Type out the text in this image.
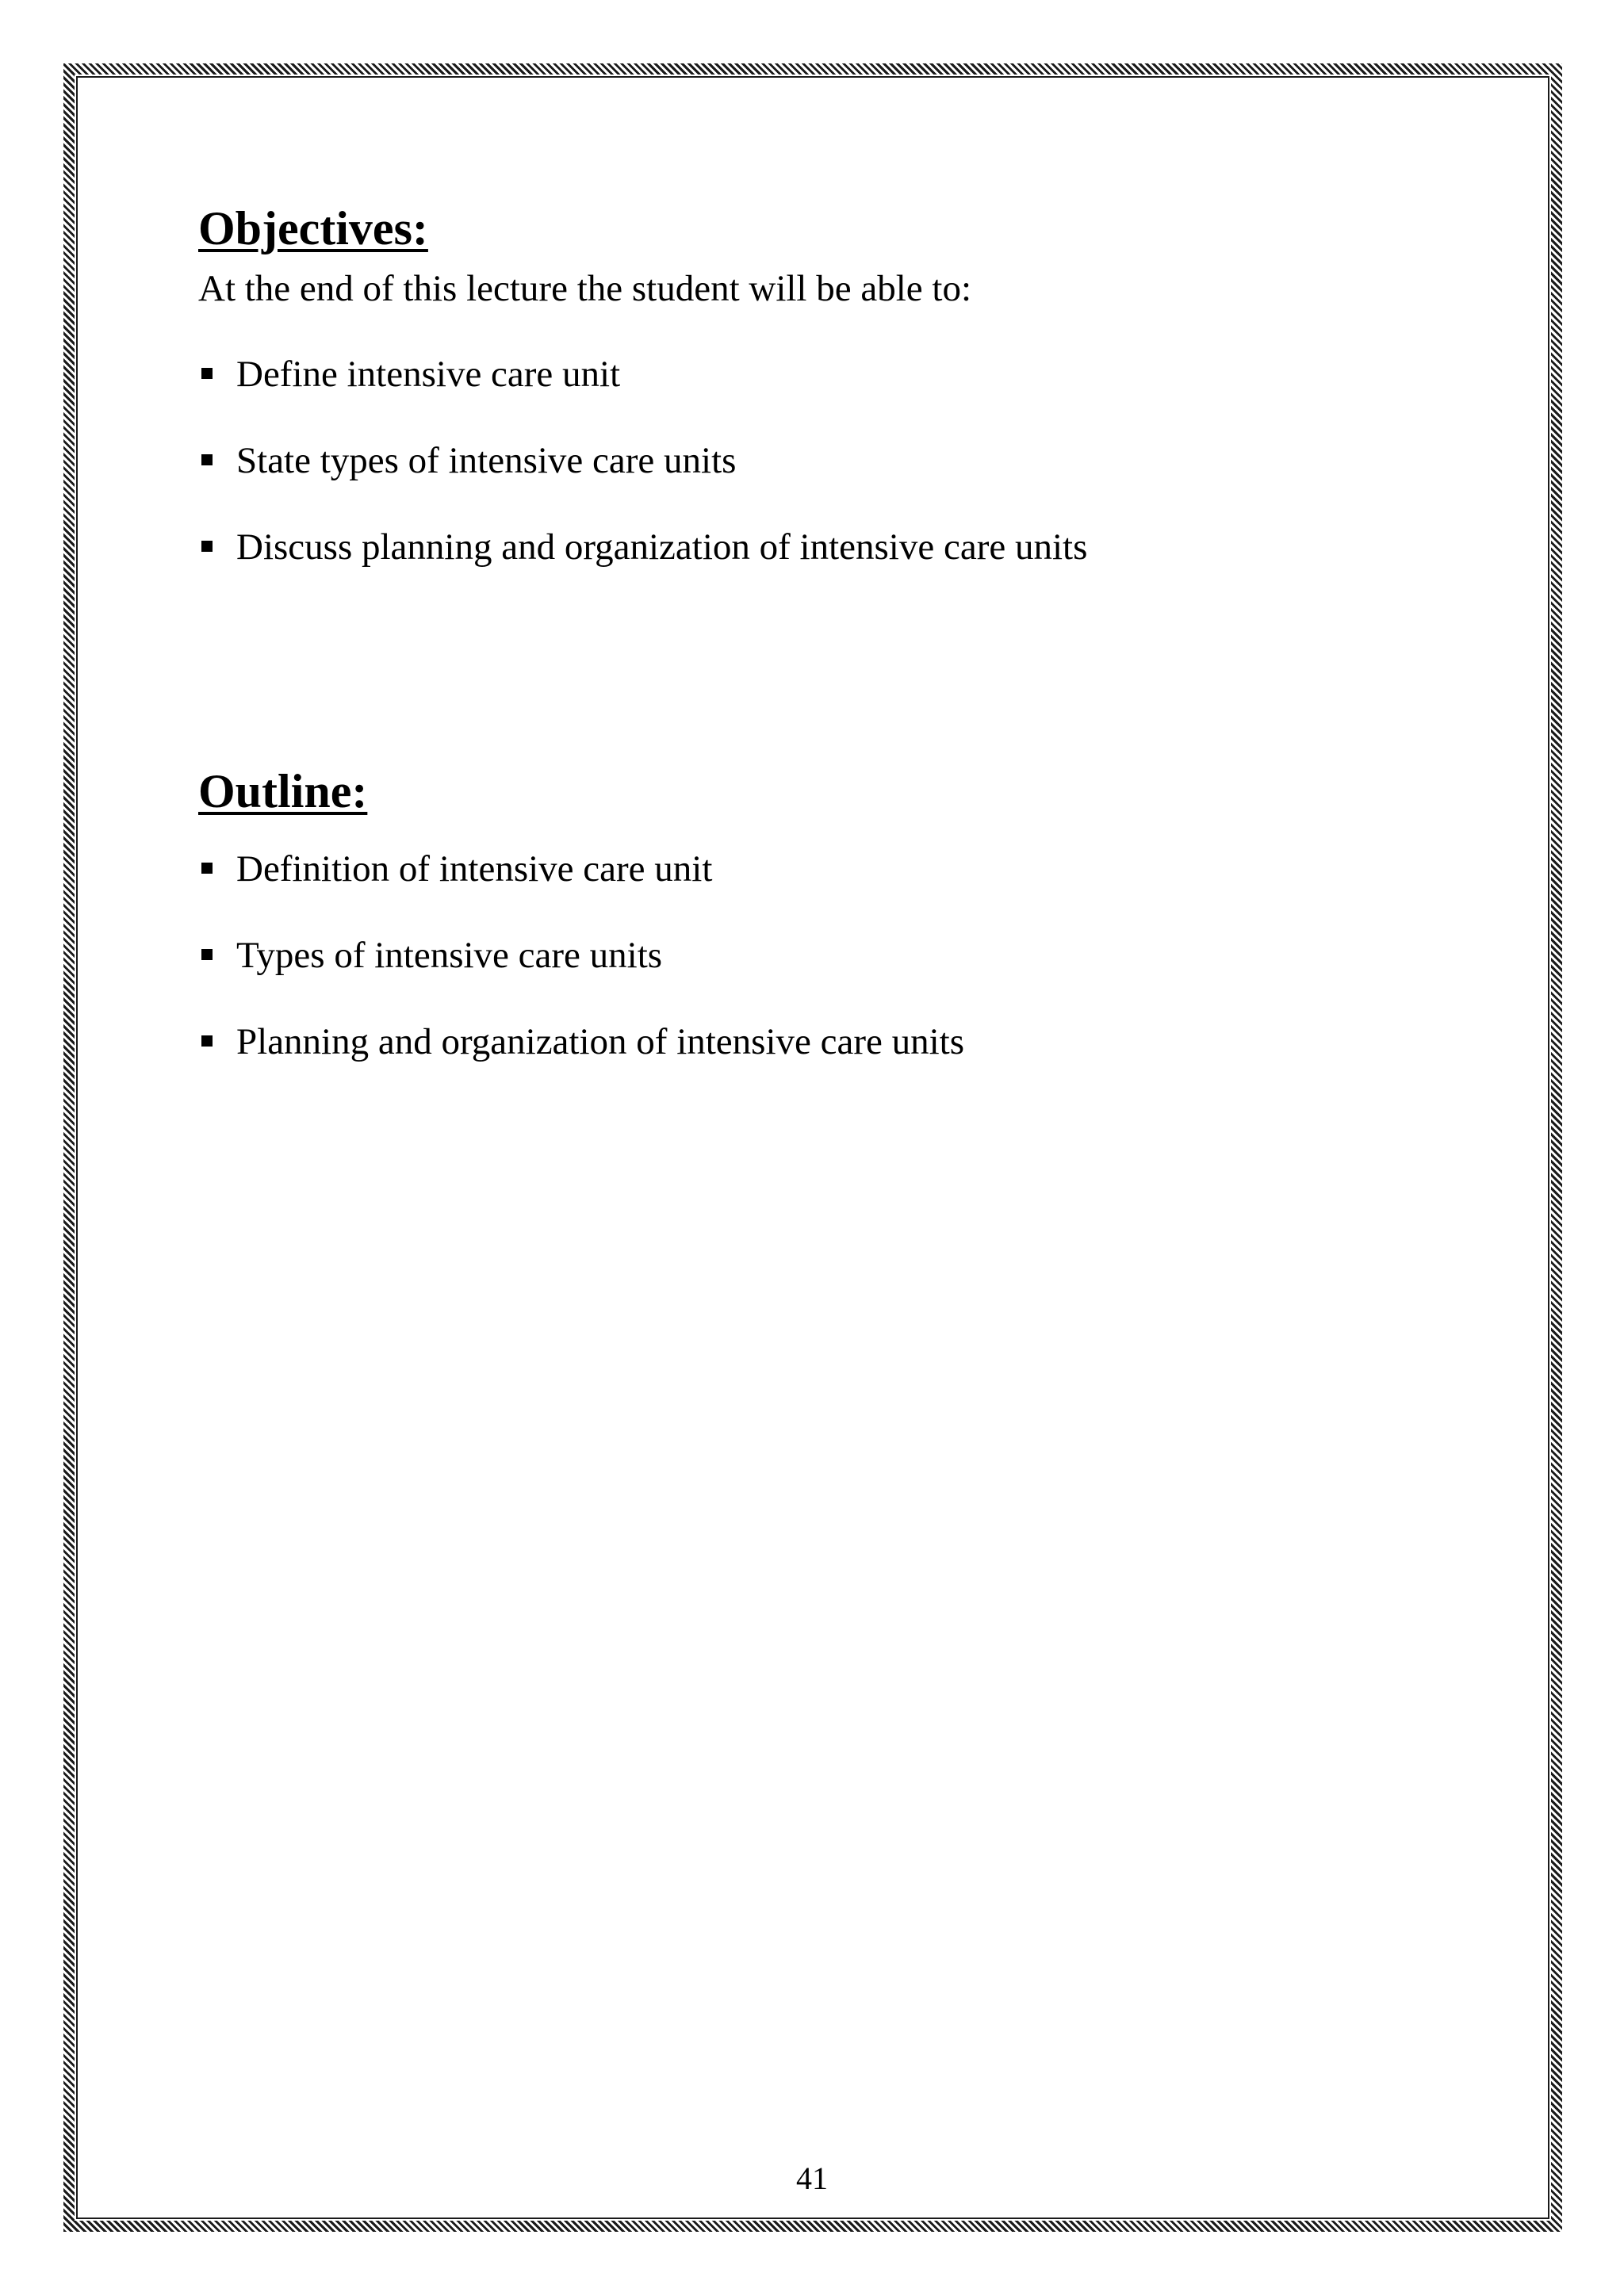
Objectives:

At the end of this lecture the student will be able to:

Define intensive care unit
State types of intensive care units
Discuss planning and organization of intensive care units
Outline:
Definition of intensive care unit
Types of intensive care units
Planning and organization of intensive care units
41
